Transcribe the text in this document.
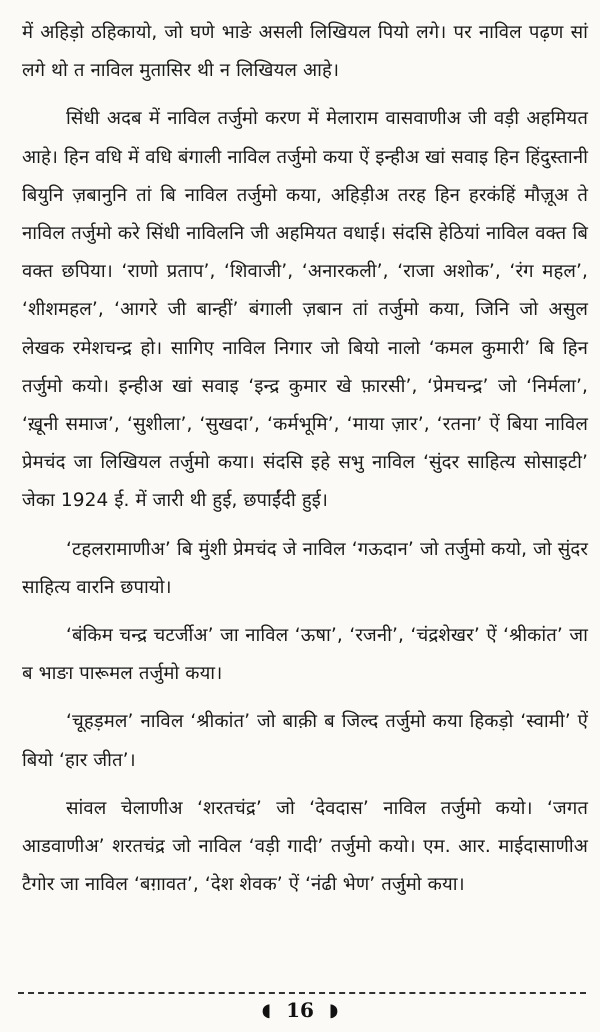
में अहिड़ो ठहिकायो, जो घणे भाङे असली लिखियल पियो लगे। पर नाविल पढ़ण सां लगे थो त नाविल मुतासिर थी न लिखियल आहे।

सिंधी अदब में नाविल तर्जुमो करण में मेलाराम वासवाणीअ जी वड़ी अहमियत आहे। हिन वधि में वधि बंगाली नाविल तर्जुमो कया ऐं इन्हीअ खां सवाइ हिन हिंदुस्तानी बियुनि ज़बानुनि तां बि नाविल तर्जुमो कया, अहिड़ीअ तरह हिन हरकंहिं मौज़ूअ ते नाविल तर्जुमो करे सिंधी नाविलनि जी अहमियत वधाई। संदसि हेठियां नाविल वक्त बि वक्त छपिया। ‘राणो प्रताप’, ‘शिवाजी’, ‘अनारकली’, ‘राजा अशोक’, ‘रंग महल’, ‘शीशमहल’, ‘आगरे जी बान्हीं’ बंगाली ज़बान तां तर्जुमो कया, जिनि जो असुल लेखक रमेशचन्द्र हो। सागिए नाविल निगार जो बियो नालो ‘कमल कुमारी’ बि हिन तर्जुमो कयो। इन्हीअ खां सवाइ ‘इन्द्र कुमार खे फ़ारसी’, ‘प्रेमचन्द्र’ जो ‘निर्मला’, ‘ख़ूनी समाज’, ‘सुशीला’, ‘सुखदा’, ‘कर्मभूमि’, ‘माया ज़ार’, ‘रतना’ ऐं बिया नाविल प्रेमचंद जा लिखियल तर्जुमो कया। संदसि इहे सभु नाविल ‘सुंदर साहित्य सोसाइटी’ जेका 1924 ई. में जारी थी हुई, छपाईंदी हुई।

‘टहलरामाणीअ’ बि मुंशी प्रेमचंद जे नाविल ‘गऊदान’ जो तर्जुमो कयो, जो सुंदर साहित्य वारनि छपायो।

‘बंकिम चन्द्र चटर्जीअ’ जा नाविल ‘ऊषा’, ‘रजनी’, ‘चंद्रशेखर’ ऐं ‘श्रीकांत’ जा ब भाङा पारूमल तर्जुमो कया।

‘चूहड़मल’ नाविल ‘श्रीकांत’ जो बाक़ी ब जिल्द तर्जुमो कया हिकड़ो ‘स्वामी’ ऐं बियो ‘हार जीत’।

सांवल चेलाणीअ ‘शरतचंद्र’ जो ‘देवदास’ नाविल तर्जुमो कयो। ‘जगत आडवाणीअ’ शरतचंद्र जो नाविल ‘वड़ी गादी’ तर्जुमो कयो। एम. आर. माईदासाणीअ टैगोर जा नाविल ‘बग़ावत’, ‘देश शेवक’ ऐं ‘नंढी भेण’ तर्जुमो कया।

◖ 16 ◗
